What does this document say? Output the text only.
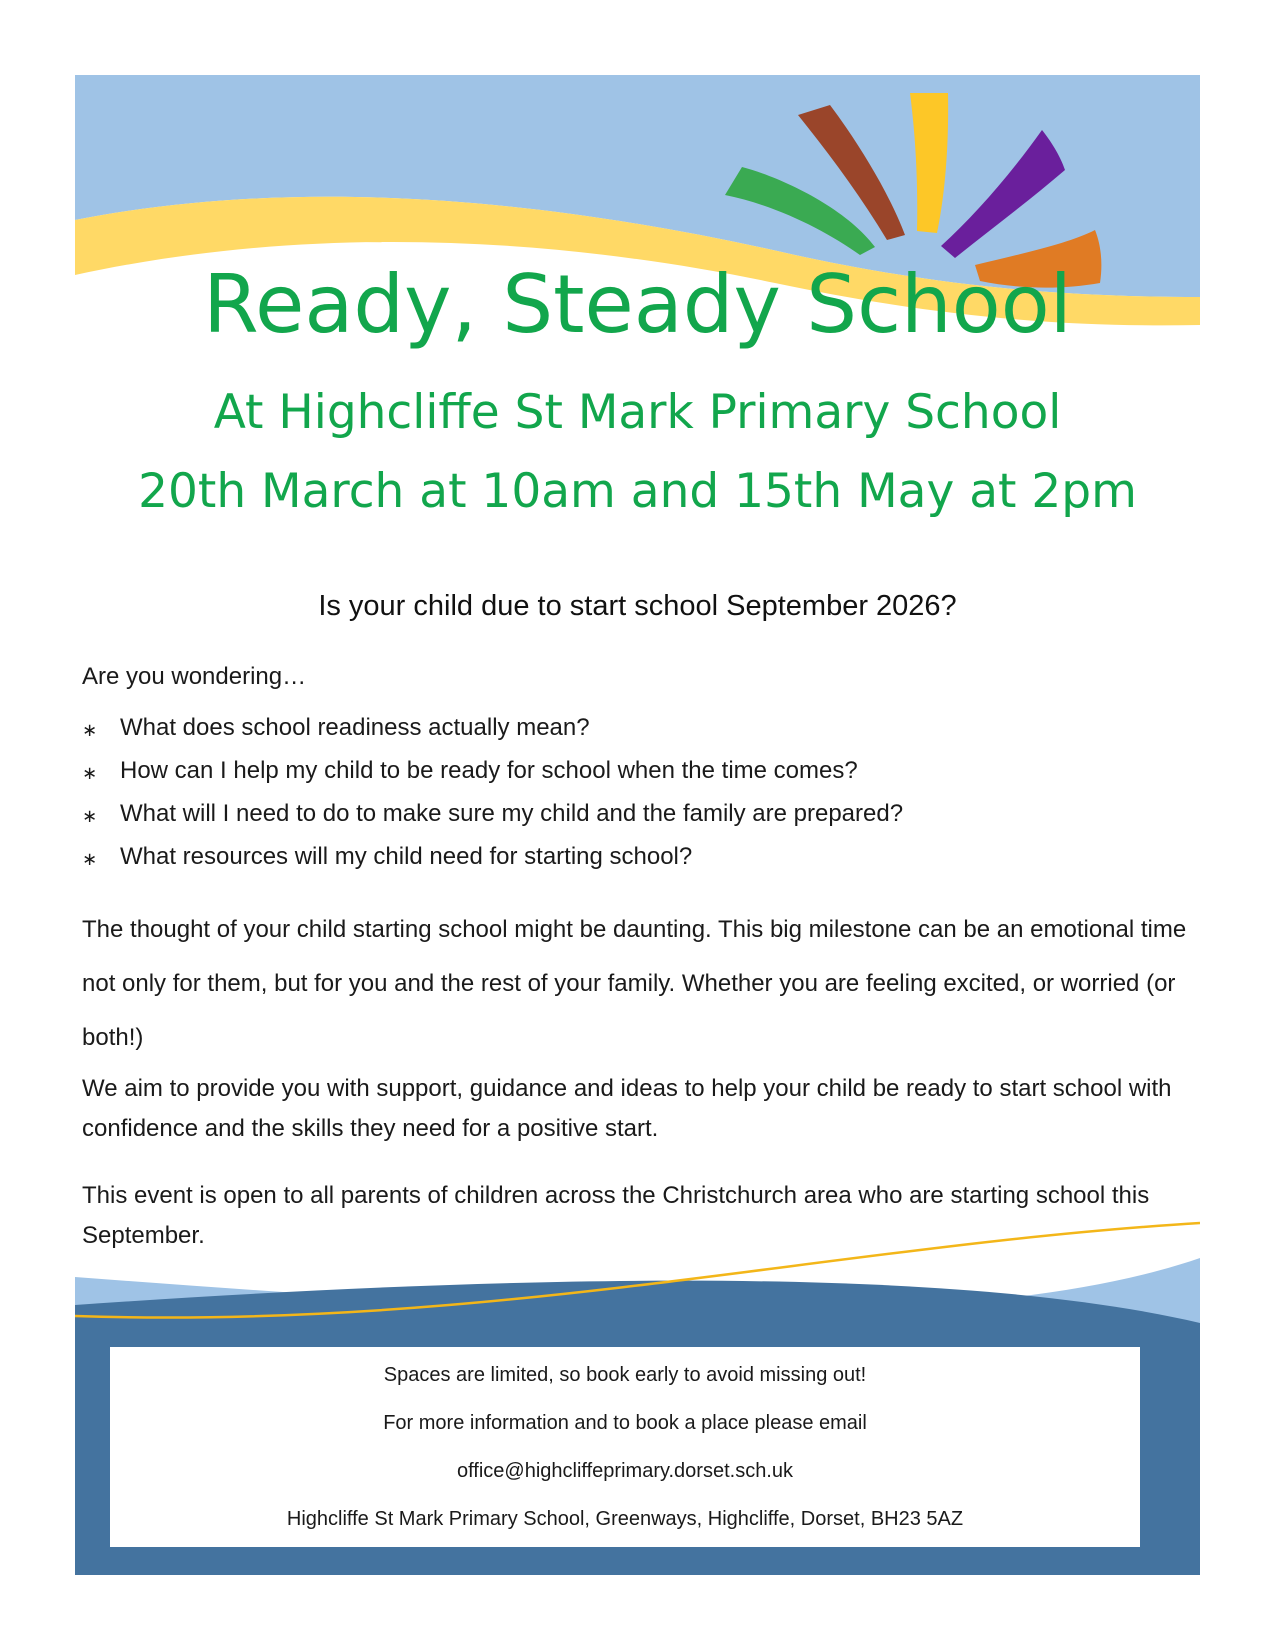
Ready, Steady School
At Highcliffe St Mark Primary School
20th March at 10am and 15th May at 2pm
Is your child due to start school September 2026?
Are you wondering…
∗ What does school readiness actually mean?
∗ How can I help my child to be ready for school when the time comes?
∗ What will I need to do to make sure my child and the family are prepared?
∗ What resources will my child need for starting school?
The thought of your child starting school might be daunting. This big milestone can be an emotional time not only for them, but for you and the rest of your family. Whether you are feeling excited, or worried (or both!)
We aim to provide you with support, guidance and ideas to help your child be ready to start school with confidence and the skills they need for a positive start.
This event is open to all parents of children across the Christchurch area who are starting school this September.
Spaces are limited, so book early to avoid missing out!
For more information and to book a place please email
office@highcliffeprimary.dorset.sch.uk
Highcliffe St Mark Primary School, Greenways, Highcliffe, Dorset, BH23 5AZ
